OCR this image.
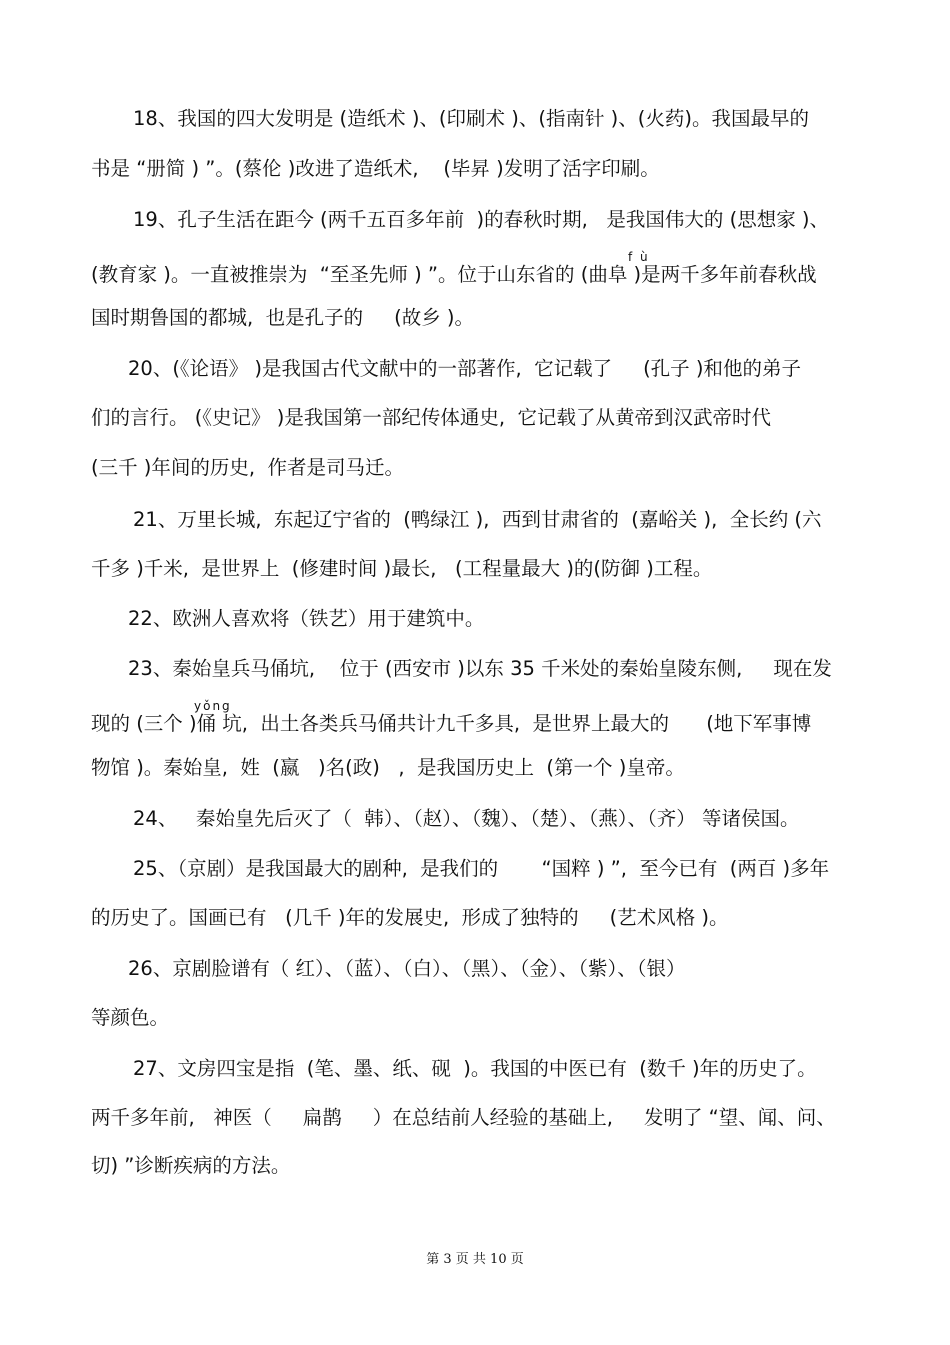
18、我国的四大发明是 (造纸术 )、(印刷术 )、(指南针 )、(火药)。我国最早的
书是 “册简 ) ”。(蔡伦 )改进了造纸术,    (毕昇 )发明了活字印刷。
19、孔子生活在距今 (两千五百多年前  )的春秋时期,   是我国伟大的 (思想家 )、
f ù
(教育家 )。一直被推崇为  “至圣先师 ) ”。位于山东省的 (曲阜 )是两千多年前春秋战
国时期鲁国的都城,  也是孔子的     (故乡 )。
20、(《论语》 )是我国古代文献中的一部著作,  它记载了     (孔子 )和他的弟子
们的言行。 (《史记》 )是我国第一部纪传体通史,  它记载了从黄帝到汉武帝时代
(三千 )年间的历史,  作者是司马迁。
21、万里长城,  东起辽宁省的  (鸭绿江 ),  西到甘肃省的  (嘉峪关 ),  全长约 (六
千多 )千米,  是世界上  (修建时间 )最长,   (工程量最大 )的(防御 )工程。
22、欧洲人喜欢将（铁艺）用于建筑中。
23、秦始皇兵马俑坑,    位于 (西安市 )以东 35 千米处的秦始皇陵东侧,     现在发
yǒng
现的 (三个 )俑 坑,  出土各类兵马俑共计九千多具,  是世界上最大的      (地下军事博
物馆 )。秦始皇,  姓  (嬴   )名(政)   ,  是我国历史上  (第一个 )皇帝。
24、   秦始皇先后灭了（  韩）、（赵）、（魏）、（楚）、（燕）、（齐） 等诸侯国。
25、（京剧）是我国最大的剧种,  是我们的       “国粹 ) ”,  至今已有  (两百 )多年
的历史了。国画已有   (几千 )年的发展史,  形成了独特的     (艺术风格 )。
26、京剧脸谱有（ 红）、（蓝）、（白）、（黑）、（金）、（紫）、（银）
等颜色。
27、文房四宝是指  (笔、墨、纸、砚  )。我国的中医已有  (数千 )年的历史了。
两千多年前,   神医（     扁鹊     ）在总结前人经验的基础上,     发明了 “望、闻、问、
切) ”诊断疾病的方法。
第 3 页 共 10 页
